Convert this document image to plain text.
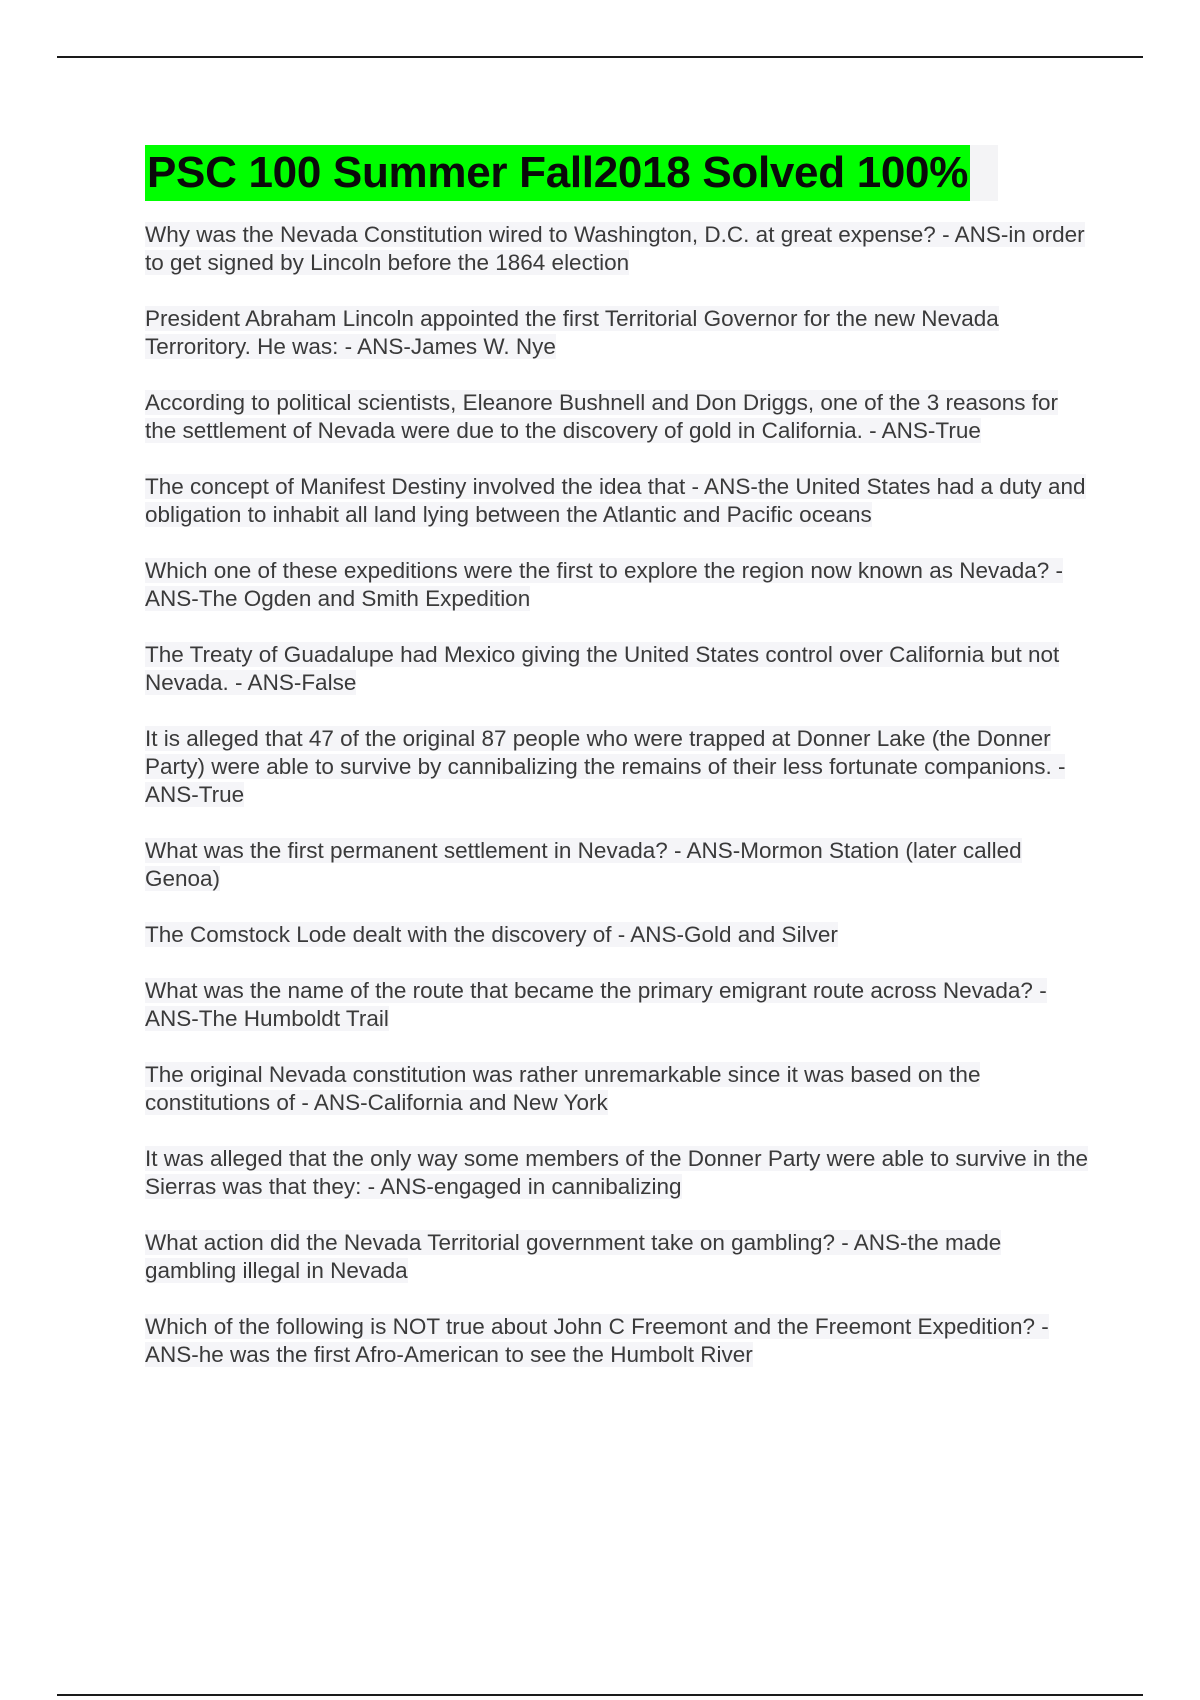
PSC 100 Summer Fall2018 Solved 100%
Why was the Nevada Constitution wired to Washington, D.C. at great expense? - ANS-in order to get signed by Lincoln before the 1864 election
President Abraham Lincoln appointed the first Territorial Governor for the new Nevada Terroritory. He was: - ANS-James W. Nye
According to political scientists, Eleanore Bushnell and Don Driggs, one of the 3 reasons for the settlement of Nevada were due to the discovery of gold in California. - ANS-True
The concept of Manifest Destiny involved the idea that - ANS-the United States had a duty and obligation to inhabit all land lying between the Atlantic and Pacific oceans
Which one of these expeditions were the first to explore the region now known as Nevada? - ANS-The Ogden and Smith Expedition
The Treaty of Guadalupe had Mexico giving the United States control over California but not Nevada. - ANS-False
It is alleged that 47 of the original 87 people who were trapped at Donner Lake (the Donner Party) were able to survive by cannibalizing the remains of their less fortunate companions. - ANS-True
What was the first permanent settlement in Nevada? - ANS-Mormon Station (later called Genoa)
The Comstock Lode dealt with the discovery of - ANS-Gold and Silver
What was the name of the route that became the primary emigrant route across Nevada? - ANS-The Humboldt Trail
The original Nevada constitution was rather unremarkable since it was based on the constitutions of - ANS-California and New York
It was alleged that the only way some members of the Donner Party were able to survive in the Sierras was that they: - ANS-engaged in cannibalizing
What action did the Nevada Territorial government take on gambling? - ANS-the made gambling illegal in Nevada
Which of the following is NOT true about John C Freemont and the Freemont Expedition? - ANS-he was the first Afro-American to see the Humbolt River
